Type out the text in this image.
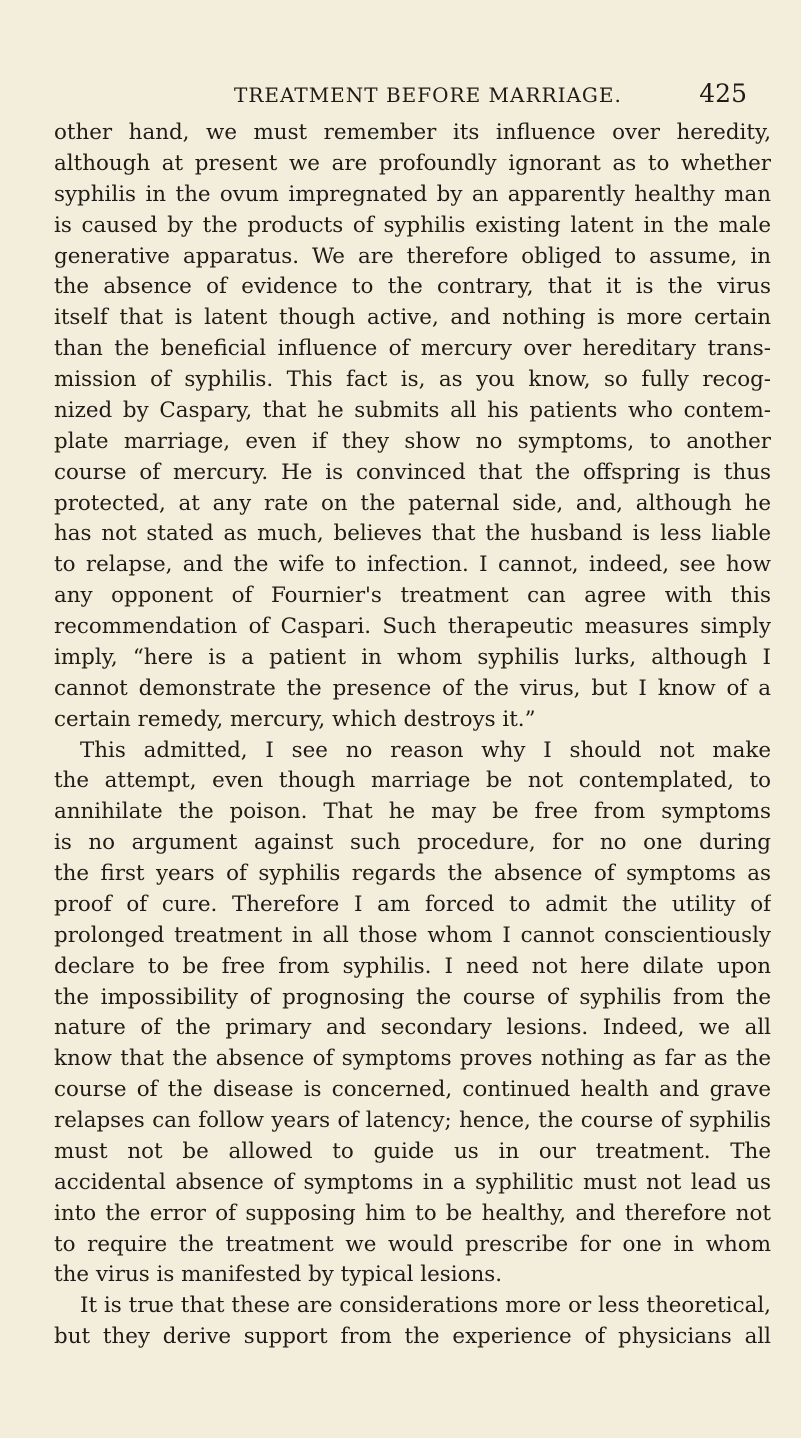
TREATMENT BEFORE MARRIAGE.	425
other hand, we must remember its influence over heredity,
although at present we are profoundly ignorant as to whether
syphilis in the ovum impregnated by an apparently healthy man
is caused by the products of syphilis existing latent in the male
generative apparatus. We are therefore obliged to assume, in
the absence of evidence to the contrary, that it is the virus
itself that is latent though active, and nothing is more certain
than the beneficial influence of mercury over hereditary trans-
mission of syphilis. This fact is, as you know, so fully recog-
nized by Caspary, that he submits all his patients who contem-
plate marriage, even if they show no symptoms, to another
course of mercury. He is convinced that the offspring is thus
protected, at any rate on the paternal side, and, although he
has not stated as much, believes that the husband is less liable
to relapse, and the wife to infection. I cannot, indeed, see how
any opponent of Fournier's treatment can agree with this
recommendation of Caspari. Such therapeutic measures simply
imply, “here is a patient in whom syphilis lurks, although I
cannot demonstrate the presence of the virus, but I know of a
certain remedy, mercury, which destroys it.”
This admitted, I see no reason why I should not make
the attempt, even though marriage be not contemplated, to
annihilate the poison. That he may be free from symptoms
is no argument against such procedure, for no one during
the first years of syphilis regards the absence of symptoms as
proof of cure. Therefore I am forced to admit the utility of
prolonged treatment in all those whom I cannot conscientiously
declare to be free from syphilis. I need not here dilate upon
the impossibility of prognosing the course of syphilis from the
nature of the primary and secondary lesions. Indeed, we all
know that the absence of symptoms proves nothing as far as the
course of the disease is concerned, continued health and grave
relapses can follow years of latency; hence, the course of syphilis
must not be allowed to guide us in our treatment. The
accidental absence of symptoms in a syphilitic must not lead us
into the error of supposing him to be healthy, and therefore not
to require the treatment we would prescribe for one in whom
the virus is manifested by typical lesions.
It is true that these are considerations more or less theoretical,
but they derive support from the experience of physicians all
